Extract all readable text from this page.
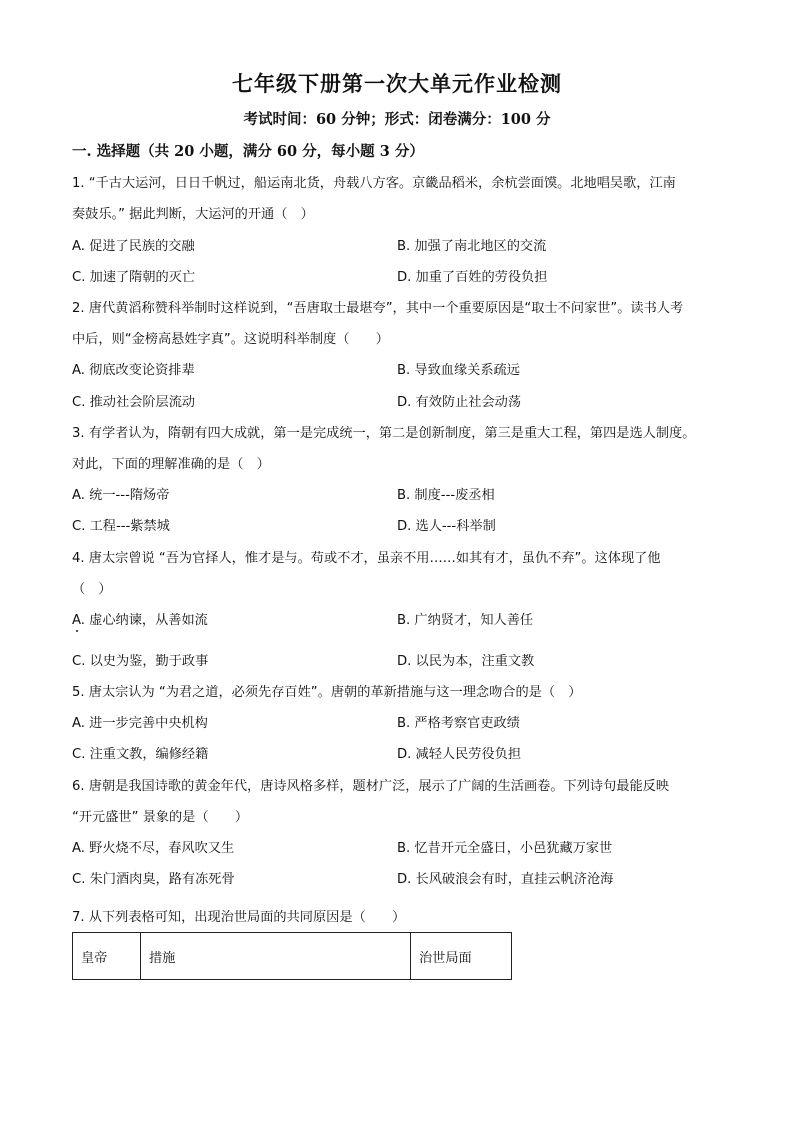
七年级下册第一次大单元作业检测
考试时间：60 分钟；形式：闭卷满分：100 分
一. 选择题（共 20 小题，满分 60 分，每小题 3 分）
1. “千古大运河，日日千帆过，船运南北货，舟载八方客。京畿品稻米，余杭尝面馍。北地唱吴歌，江南
奏鼓乐。” 据此判断，大运河的开通（　）
A. 促进了民族的交融	B. 加强了南北地区的交流
C. 加速了隋朝的灭亡	D. 加重了百姓的劳役负担
2. 唐代黄滔称赞科举制时这样说到，“吾唐取士最堪夸”，其中一个重要原因是“取士不问家世”。读书人考
中后，则“金榜高悬姓字真”。这说明科举制度（　　）
A. 彻底改变论资排辈	B. 导致血缘关系疏远
C. 推动社会阶层流动	D. 有效防止社会动荡
3. 有学者认为，隋朝有四大成就，第一是完成统一，第二是创新制度，第三是重大工程，第四是选人制度。
对此，下面的理解准确的是（　）
A. 统一---隋炀帝	B. 制度---废丞相
C. 工程---紫禁城	D. 选人---科举制
4. 唐太宗曾说 “吾为官择人，惟才是与。苟或不才，虽亲不用……如其有才，虽仇不弃”。这体现了他
（　）
A. 虚心纳谏，从善如流	B. 广纳贤才，知人善任
C. 以史为鉴，勤于政事	D. 以民为本，注重文教
5. 唐太宗认为 “为君之道，必须先存百姓”。唐朝的革新措施与这一理念吻合的是（　）
A. 进一步完善中央机构	B. 严格考察官吏政绩
C. 注重文教，编修经籍	D. 减轻人民劳役负担
6. 唐朝是我国诗歌的黄金年代，唐诗风格多样，题材广泛，展示了广阔的生活画卷。下列诗句最能反映
“开元盛世” 景象的是（　　）
A. 野火烧不尽，春风吹又生	B. 忆昔开元全盛日，小邑犹藏万家世
C. 朱门酒肉臭，路有冻死骨	D. 长风破浪会有时，直挂云帆济沧海
7. 从下列表格可知，出现治世局面的共同原因是（　　）
皇帝	措施	治世局面
